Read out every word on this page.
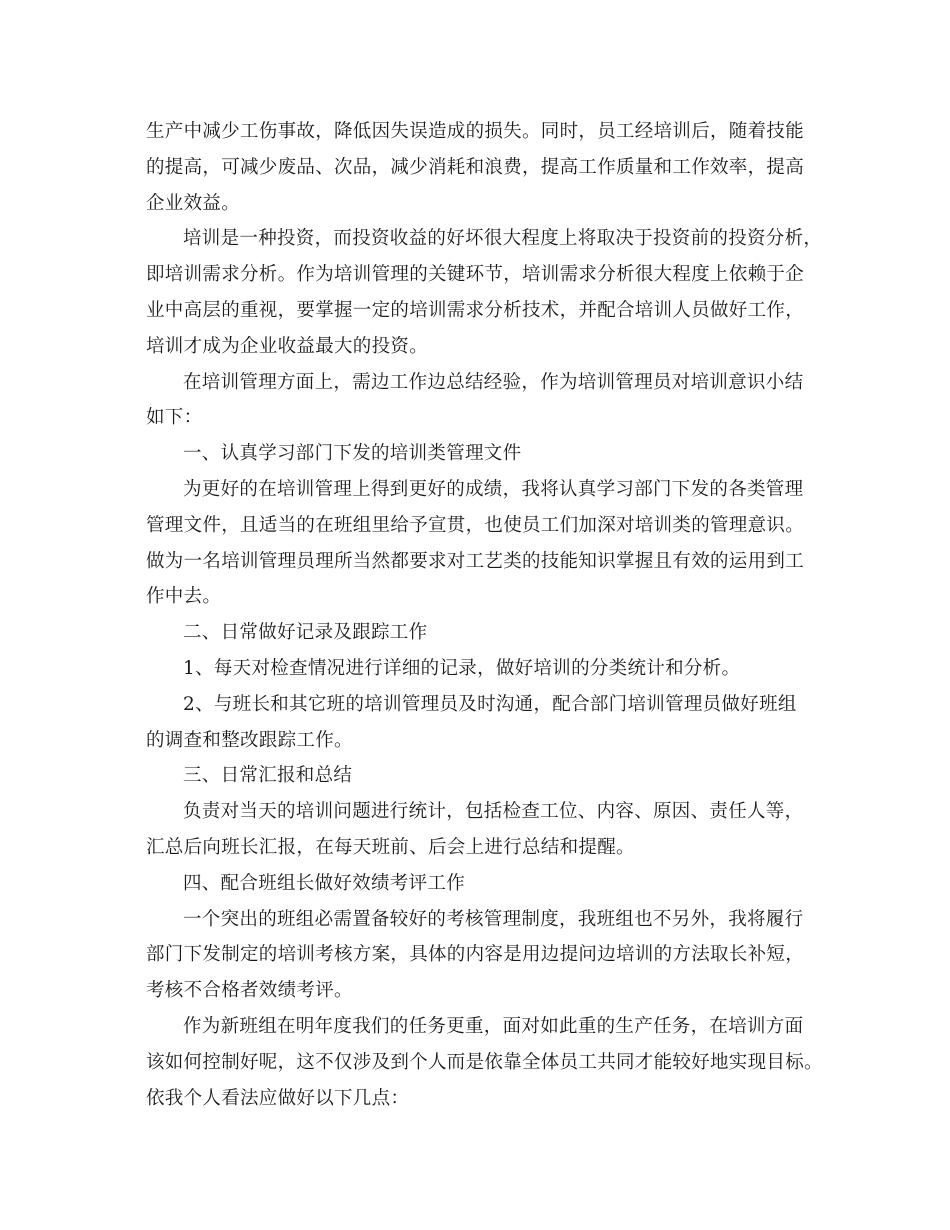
生产中减少工伤事故，降低因失误造成的损失。同时，员工经培训后，随着技能
的提高，可减少废品、次品，减少消耗和浪费，提高工作质量和工作效率，提高
企业效益。
培训是一种投资，而投资收益的好坏很大程度上将取决于投资前的投资分析，
即培训需求分析。作为培训管理的关键环节，培训需求分析很大程度上依赖于企
业中高层的重视，要掌握一定的培训需求分析技术，并配合培训人员做好工作，
培训才成为企业收益最大的投资。
在培训管理方面上，需边工作边总结经验，作为培训管理员对培训意识小结
如下：
一、认真学习部门下发的培训类管理文件
为更好的在培训管理上得到更好的成绩，我将认真学习部门下发的各类管理
管理文件，且适当的在班组里给予宣贯，也使员工们加深对培训类的管理意识。
做为一名培训管理员理所当然都要求对工艺类的技能知识掌握且有效的运用到工
作中去。
二、日常做好记录及跟踪工作
1、每天对检查情况进行详细的记录，做好培训的分类统计和分析。
2、与班长和其它班的培训管理员及时沟通，配合部门培训管理员做好班组
的调查和整改跟踪工作。
三、日常汇报和总结
负责对当天的培训问题进行统计，包括检查工位、内容、原因、责任人等，
汇总后向班长汇报，在每天班前、后会上进行总结和提醒。
四、配合班组长做好效绩考评工作
一个突出的班组必需置备较好的考核管理制度，我班组也不另外，我将履行
部门下发制定的培训考核方案，具体的内容是用边提问边培训的方法取长补短，
考核不合格者效绩考评。
作为新班组在明年度我们的任务更重，面对如此重的生产任务，在培训方面
该如何控制好呢，这不仅涉及到个人而是依靠全体员工共同才能较好地实现目标。
依我个人看法应做好以下几点：
